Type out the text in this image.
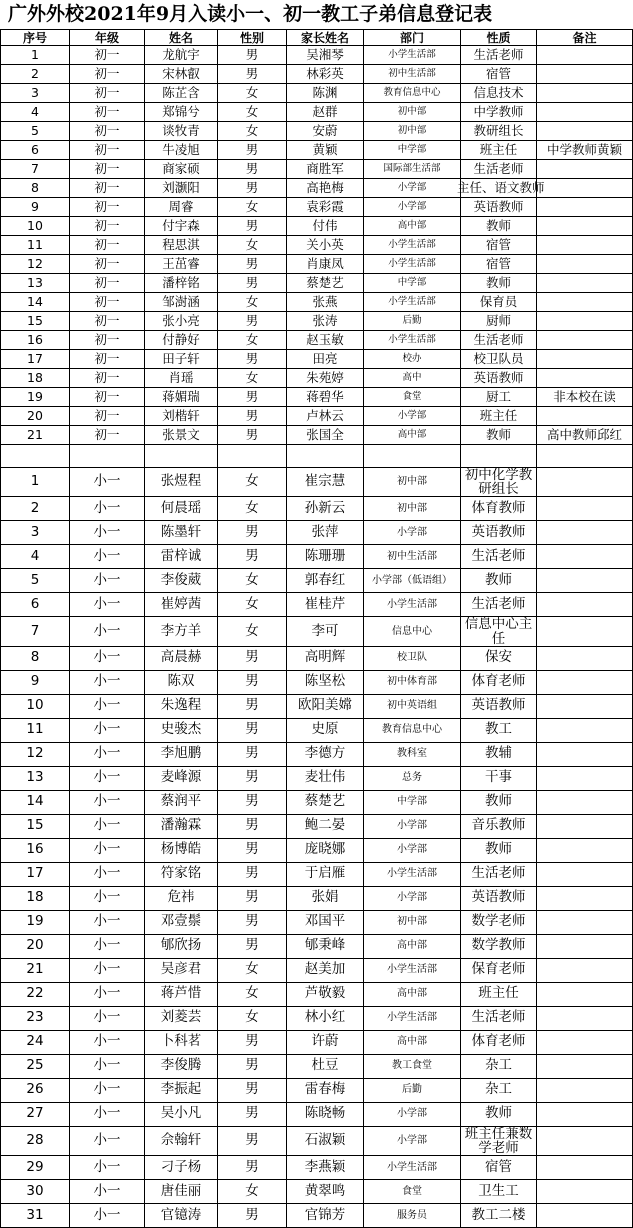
广外外校2021年9月入读小一、初一教工子弟信息登记表
序号	年级	姓名	性别	家长姓名	部门	性质	备注
1	初一	龙航宇	男	吴湘琴	小学生活部	生活老师	
2	初一	宋林叡	男	林彩英	初中生活部	宿管	
3	初一	陈芷含	女	陈渊	教育信息中心	信息技术	
4	初一	郑锦兮	女	赵群	初中部	中学教师	
5	初一	谈牧青	女	安蔚	初中部	教研组长	
6	初一	牛凌旭	男	黄颖	中学部	班主任	中学教师黄颖
7	初一	商家硕	男	商胜军	国际部生活部	生活老师	
8	初一	刘灏阳	男	高艳梅	小学部	主任、语文教师	
9	初一	周睿	女	袁彩霞	小学部	英语教师	
10	初一	付宇森	男	付伟	高中部	教师	
11	初一	程思淇	女	关小英	小学生活部	宿管	
12	初一	王茁睿	男	肖康凤	小学生活部	宿管	
13	初一	潘梓铭	男	蔡楚艺	中学部	教师	
14	初一	邹澍涵	女	张燕	小学生活部	保育员	
15	初一	张小亮	男	张涛	后勤	厨师	
16	初一	付静好	女	赵玉敏	小学生活部	生活老师	
17	初一	田子轩	男	田亮	校办	校卫队员	
18	初一	肖瑶	女	朱苑婷	高中	英语教师	
19	初一	蒋媚瑞	男	蒋碧华	食堂	厨工	非本校在读
20	初一	刘楷轩	男	卢林云	小学部	班主任	
21	初一	张景文	男	张国全	高中部	教师	高中教师邱红

1	小一	张煜程	女	崔宗慧	初中部	初中化学教研组长	
2	小一	何晨瑶	女	孙新云	初中部	体育教师	
3	小一	陈墨轩	男	张萍	小学部	英语教师	
4	小一	雷梓诚	男	陈珊珊	初中生活部	生活老师	
5	小一	李俊葳	女	郭春红	小学部（低语组）	教师	
6	小一	崔婷茜	女	崔桂芹	小学生活部	生活老师	
7	小一	李方羊	女	李可	信息中心	信息中心主任	
8	小一	高晨赫	男	高明辉	校卫队	保安	
9	小一	陈双	男	陈坚松	初中体育部	体育老师	
10	小一	朱逸程	男	欧阳美嫦	初中英语组	英语教师	
11	小一	史骏杰	男	史原	教育信息中心	教工	
12	小一	李旭鹏	男	李德方	教科室	教辅	
13	小一	麦峰源	男	麦壮伟	总务	干事	
14	小一	蔡润平	男	蔡楚艺	中学部	教师	
15	小一	潘瀚霖	男	鲍二晏	小学部	音乐教师	
16	小一	杨博皓	男	庞晓娜	小学部	教师	
17	小一	符家铭	男	于启雁	小学生活部	生活老师	
18	小一	危祎	男	张娟	小学部	英语教师	
19	小一	邓壹鬃	男	邓国平	初中部	数学老师	
20	小一	郇欣扬	男	郇秉峰	高中部	数学教师	
21	小一	吴彦君	女	赵美加	小学生活部	保育老师	
22	小一	蒋芦惜	女	芦敬毅	高中部	班主任	
23	小一	刘菱芸	女	林小红	小学生活部	生活老师	
24	小一	卜科茗	男	许蔚	高中部	体育老师	
25	小一	李俊腾	男	杜豆	教工食堂	杂工	
26	小一	李振起	男	雷春梅	后勤	杂工	
27	小一	吴小凡	男	陈晓畅	小学部	教师	
28	小一	佘翰轩	男	石淑颖	小学部	班主任兼数学老师	
29	小一	刁子杨	男	李燕颖	小学生活部	宿管	
30	小一	唐佳丽	女	黄翠鸣	食堂	卫生工	
31	小一	官镱涛	男	官锦芳	服务员	教工二楼	
